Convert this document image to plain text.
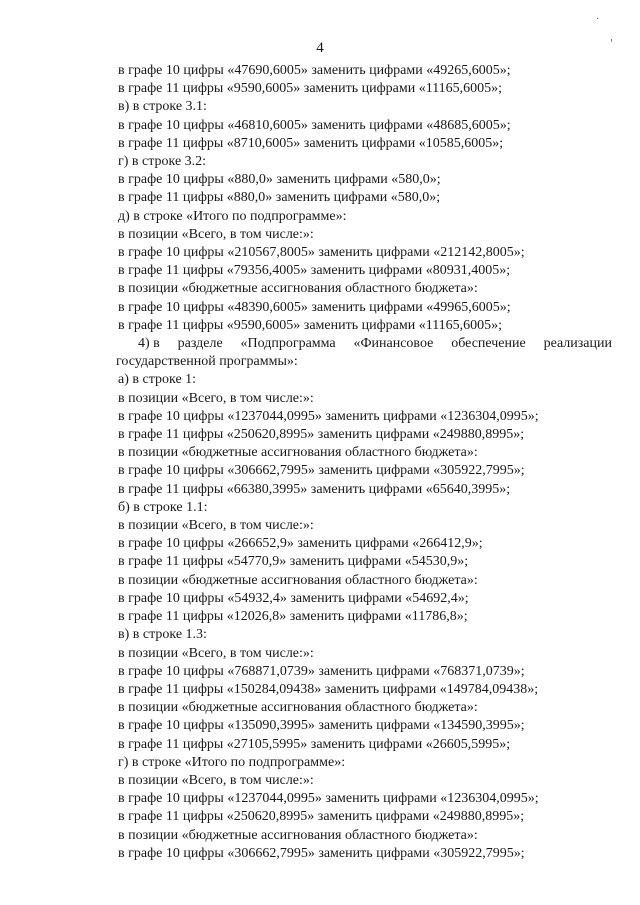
·
'
4
в графе 10 цифры «47690,6005» заменить цифрами «49265,6005»;
в графе 11 цифры «9590,6005» заменить цифрами «11165,6005»;
в) в строке 3.1:
в графе 10 цифры «46810,6005» заменить цифрами «48685,6005»;
в графе 11 цифры «8710,6005» заменить цифрами «10585,6005»;
г) в строке 3.2:
в графе 10 цифры «880,0» заменить цифрами «580,0»;
в графе 11 цифры «880,0» заменить цифрами «580,0»;
д) в строке «Итого по подпрограмме»:
в позиции «Всего, в том числе:»:
в графе 10 цифры «210567,8005» заменить цифрами «212142,8005»;
в графе 11 цифры «79356,4005» заменить цифрами «80931,4005»;
в позиции «бюджетные ассигнования областного бюджета»:
в графе 10 цифры «48390,6005» заменить цифрами «49965,6005»;
в графе 11 цифры «9590,6005» заменить цифрами «11165,6005»;
4) в разделе «Подпрограмма «Финансовое обеспечение реализации
государственной программы»:
а) в строке 1:
в позиции «Всего, в том числе:»:
в графе 10 цифры «1237044,0995» заменить цифрами «1236304,0995»;
в графе 11 цифры «250620,8995» заменить цифрами «249880,8995»;
в позиции «бюджетные ассигнования областного бюджета»:
в графе 10 цифры «306662,7995» заменить цифрами «305922,7995»;
в графе 11 цифры «66380,3995» заменить цифрами «65640,3995»;
б) в строке 1.1:
в позиции «Всего, в том числе:»:
в графе 10 цифры «266652,9» заменить цифрами «266412,9»;
в графе 11 цифры «54770,9» заменить цифрами «54530,9»;
в позиции «бюджетные ассигнования областного бюджета»:
в графе 10 цифры «54932,4» заменить цифрами «54692,4»;
в графе 11 цифры «12026,8» заменить цифрами «11786,8»;
в) в строке 1.3:
в позиции «Всего, в том числе:»:
в графе 10 цифры «768871,0739» заменить цифрами «768371,0739»;
в графе 11 цифры «150284,09438» заменить цифрами «149784,09438»;
в позиции «бюджетные ассигнования областного бюджета»:
в графе 10 цифры «135090,3995» заменить цифрами «134590,3995»;
в графе 11 цифры «27105,5995» заменить цифрами «26605,5995»;
г) в строке «Итого по подпрограмме»:
в позиции «Всего, в том числе:»:
в графе 10 цифры «1237044,0995» заменить цифрами «1236304,0995»;
в графе 11 цифры «250620,8995» заменить цифрами «249880,8995»;
в позиции «бюджетные ассигнования областного бюджета»:
в графе 10 цифры «306662,7995» заменить цифрами «305922,7995»;
